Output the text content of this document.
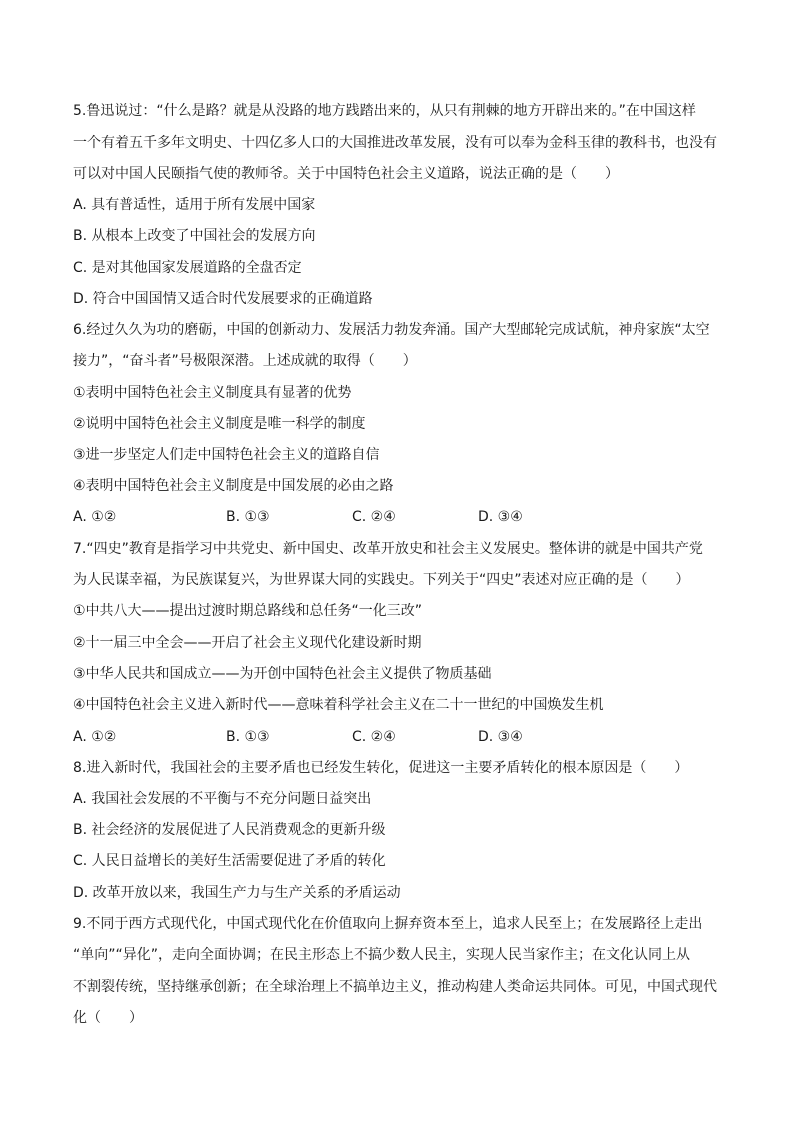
5.鲁迅说过：“什么是路？就是从没路的地方践踏出来的，从只有荆棘的地方开辟出来的。”在中国这样
一个有着五千多年文明史、十四亿多人口的大国推进改革发展，没有可以奉为金科玉律的教科书，也没有
可以对中国人民颐指气使的教师爷。关于中国特色社会主义道路，说法正确的是（　　）
A. 具有普适性，适用于所有发展中国家
B. 从根本上改变了中国社会的发展方向
C. 是对其他国家发展道路的全盘否定
D. 符合中国国情又适合时代发展要求的正确道路
6.经过久久为功的磨砺，中国的创新动力、发展活力勃发奔涌。国产大型邮轮完成试航，神舟家族“太空
接力”，“奋斗者”号极限深潜。上述成就的取得（　　）
①表明中国特色社会主义制度具有显著的优势
②说明中国特色社会主义制度是唯一科学的制度
③进一步坚定人们走中国特色社会主义的道路自信
④表明中国特色社会主义制度是中国发展的必由之路
A. ①②	B. ①③	C. ②④	D. ③④
7.“四史”教育是指学习中共党史、新中国史、改革开放史和社会主义发展史。整体讲的就是中国共产党
为人民谋幸福，为民族谋复兴，为世界谋大同的实践史。下列关于“四史”表述对应正确的是（　　）
①中共八大——提出过渡时期总路线和总任务“一化三改”
②十一届三中全会——开启了社会主义现代化建设新时期
③中华人民共和国成立——为开创中国特色社会主义提供了物质基础
④中国特色社会主义进入新时代——意味着科学社会主义在二十一世纪的中国焕发生机
A. ①②	B. ①③	C. ②④	D. ③④
8.进入新时代，我国社会的主要矛盾也已经发生转化，促进这一主要矛盾转化的根本原因是（　　）
A. 我国社会发展的不平衡与不充分问题日益突出
B. 社会经济的发展促进了人民消费观念的更新升级
C. 人民日益增长的美好生活需要促进了矛盾的转化
D. 改革开放以来，我国生产力与生产关系的矛盾运动
9.不同于西方式现代化，中国式现代化在价值取向上摒弃资本至上，追求人民至上；在发展路径上走出
“单向”“异化”，走向全面协调；在民主形态上不搞少数人民主，实现人民当家作主；在文化认同上从
不割裂传统，坚持继承创新；在全球治理上不搞单边主义，推动构建人类命运共同体。可见，中国式现代
化（　　）
